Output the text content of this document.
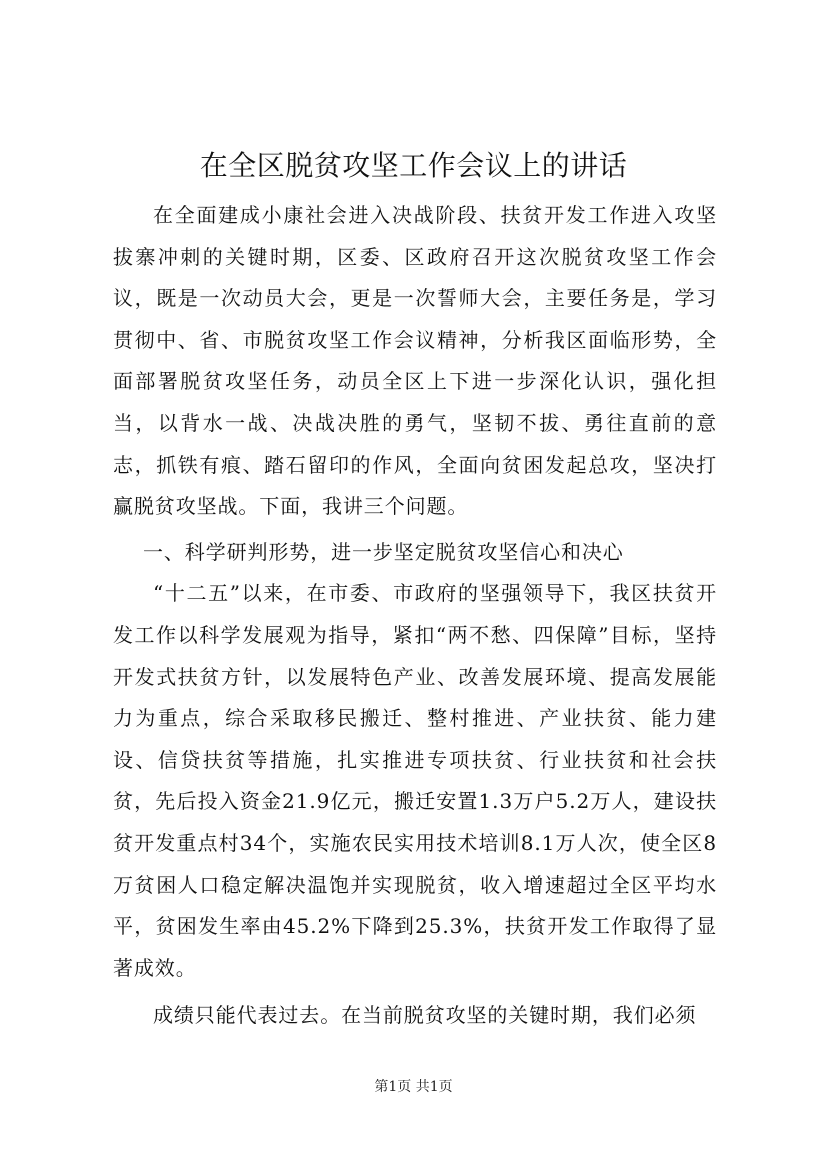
在全区脱贫攻坚工作会议上的讲话

在全面建成小康社会进入决战阶段、扶贫开发工作进入攻坚拔寨冲刺的关键时期，区委、区政府召开这次脱贫攻坚工作会议，既是一次动员大会，更是一次誓师大会，主要任务是，学习贯彻中、省、市脱贫攻坚工作会议精神，分析我区面临形势，全面部署脱贫攻坚任务，动员全区上下进一步深化认识，强化担当，以背水一战、决战决胜的勇气，坚韧不拔、勇往直前的意志，抓铁有痕、踏石留印的作风，全面向贫困发起总攻，坚决打赢脱贫攻坚战。下面，我讲三个问题。

一、科学研判形势，进一步坚定脱贫攻坚信心和决心

“十二五”以来，在市委、市政府的坚强领导下，我区扶贫开发工作以科学发展观为指导，紧扣“两不愁、四保障”目标，坚持开发式扶贫方针，以发展特色产业、改善发展环境、提高发展能力为重点，综合采取移民搬迁、整村推进、产业扶贫、能力建设、信贷扶贫等措施，扎实推进专项扶贫、行业扶贫和社会扶贫，先后投入资金21.9亿元，搬迁安置1.3万户5.2万人，建设扶贫开发重点村34个，实施农民实用技术培训8.1万人次，使全区8万贫困人口稳定解决温饱并实现脱贫，收入增速超过全区平均水平，贫困发生率由45.2%下降到25.3%，扶贫开发工作取得了显著成效。

成绩只能代表过去。在当前脱贫攻坚的关键时期，我们必须

第1页 共1页
